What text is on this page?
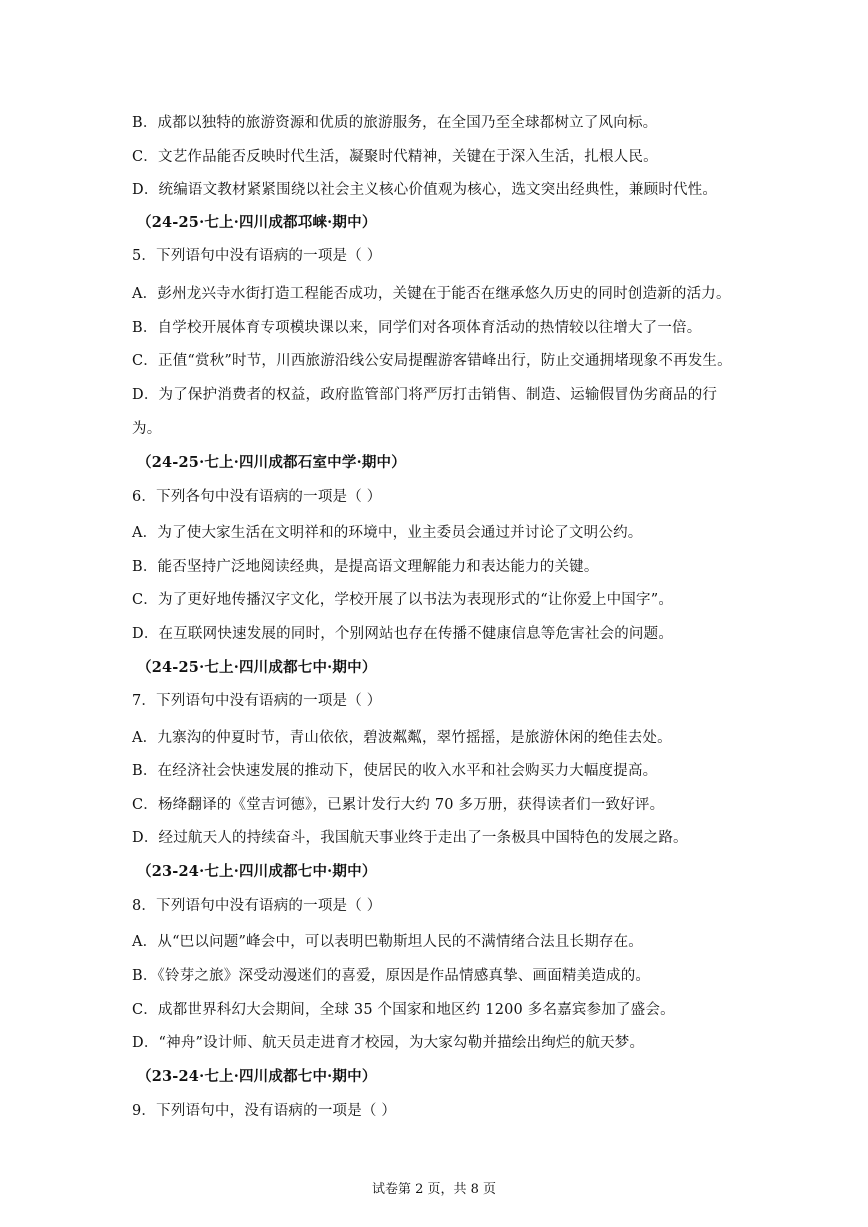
B．成都以独特的旅游资源和优质的旅游服务，在全国乃至全球都树立了风向标。
C．文艺作品能否反映时代生活，凝聚时代精神，关键在于深入生活，扎根人民。
D．统编语文教材紧紧围绕以社会主义核心价值观为核心，选文突出经典性，兼顾时代性。
（24-25·七上·四川成都邛崃·期中）
5．下列语句中没有语病的一项是（ ）
A．彭州龙兴寺水街打造工程能否成功，关键在于能否在继承悠久历史的同时创造新的活力。
B．自学校开展体育专项模块课以来，同学们对各项体育活动的热情较以往增大了一倍。
C．正值“赏秋”时节，川西旅游沿线公安局提醒游客错峰出行，防止交通拥堵现象不再发生。
D．为了保护消费者的权益，政府监管部门将严厉打击销售、制造、运输假冒伪劣商品的行
为。
（24-25·七上·四川成都石室中学·期中）
6．下列各句中没有语病的一项是（ ）
A．为了使大家生活在文明祥和的环境中，业主委员会通过并讨论了文明公约。
B．能否坚持广泛地阅读经典，是提高语文理解能力和表达能力的关键。
C．为了更好地传播汉字文化，学校开展了以书法为表现形式的“让你爱上中国字”。
D．在互联网快速发展的同时，个别网站也存在传播不健康信息等危害社会的问题。
（24-25·七上·四川成都七中·期中）
7．下列语句中没有语病的一项是（ ）
A．九寨沟的仲夏时节，青山依依，碧波粼粼，翠竹摇摇，是旅游休闲的绝佳去处。
B．在经济社会快速发展的推动下，使居民的收入水平和社会购买力大幅度提高。
C．杨绛翻译的《堂吉诃德》，已累计发行大约 70 多万册，获得读者们一致好评。
D．经过航天人的持续奋斗，我国航天事业终于走出了一条极具中国特色的发展之路。
（23-24·七上·四川成都七中·期中）
8．下列语句中没有语病的一项是（ ）
A．从“巴以问题”峰会中，可以表明巴勒斯坦人民的不满情绪合法且长期存在。
B．《铃芽之旅》深受动漫迷们的喜爱，原因是作品情感真挚、画面精美造成的。
C．成都世界科幻大会期间，全球 35 个国家和地区约 1200 多名嘉宾参加了盛会。
D．“神舟”设计师、航天员走进育才校园，为大家勾勒并描绘出绚烂的航天梦。
（23-24·七上·四川成都七中·期中）
9．下列语句中，没有语病的一项是（ ）
试卷第 2 页，共 8 页
